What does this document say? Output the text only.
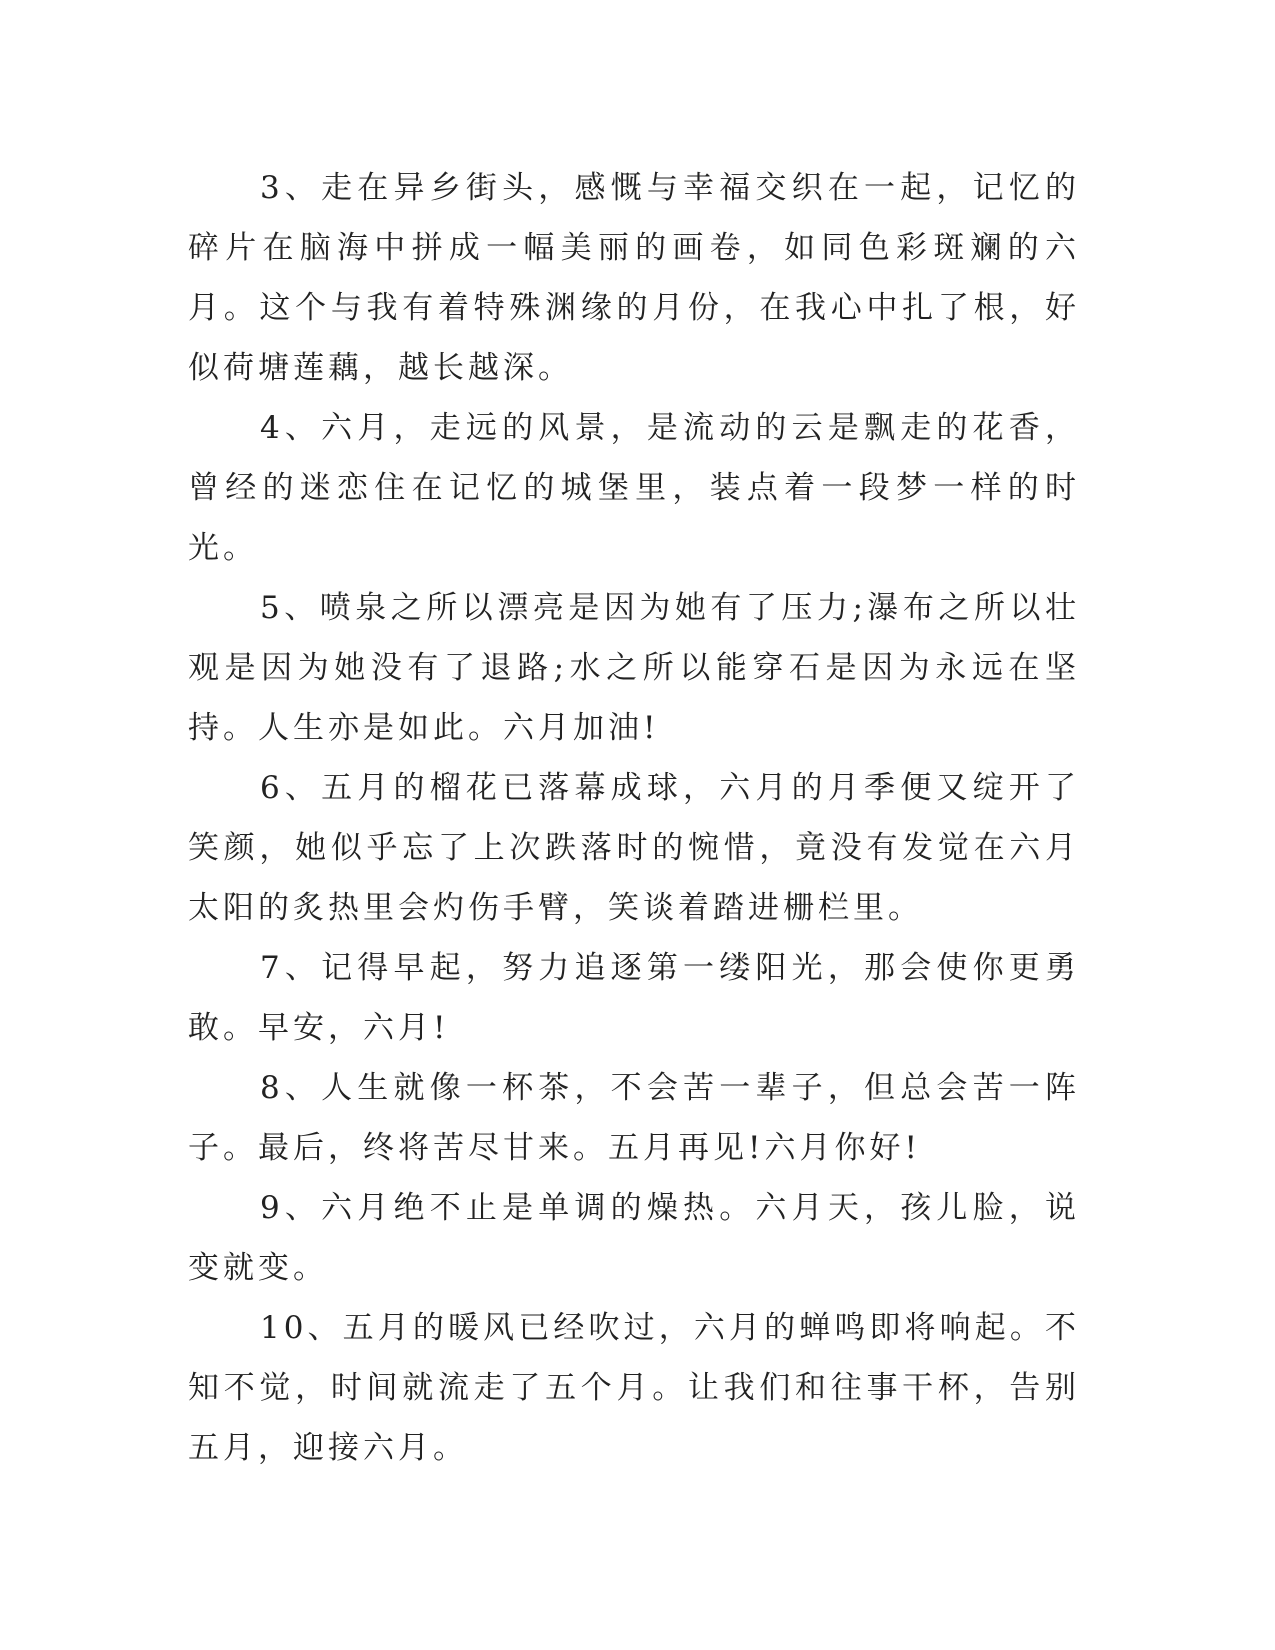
3、走在异乡街头，感慨与幸福交织在一起，记忆的碎片在脑海中拼成一幅美丽的画卷，如同色彩斑斓的六月。这个与我有着特殊渊缘的月份，在我心中扎了根，好似荷塘莲藕，越长越深。

4、六月，走远的风景，是流动的云是飘走的花香，曾经的迷恋住在记忆的城堡里，装点着一段梦一样的时光。

5、喷泉之所以漂亮是因为她有了压力;瀑布之所以壮观是因为她没有了退路;水之所以能穿石是因为永远在坚持。人生亦是如此。六月加油!

6、五月的榴花已落幕成球，六月的月季便又绽开了笑颜，她似乎忘了上次跌落时的惋惜，竟没有发觉在六月太阳的炙热里会灼伤手臂，笑谈着踏进栅栏里。

7、记得早起，努力追逐第一缕阳光，那会使你更勇敢。早安，六月!

8、人生就像一杯茶，不会苦一辈子，但总会苦一阵子。最后，终将苦尽甘来。五月再见!六月你好!

9、六月绝不止是单调的燥热。六月天，孩儿脸，说变就变。

10、五月的暖风已经吹过，六月的蝉鸣即将响起。不知不觉，时间就流走了五个月。让我们和往事干杯，告别五月，迎接六月。
